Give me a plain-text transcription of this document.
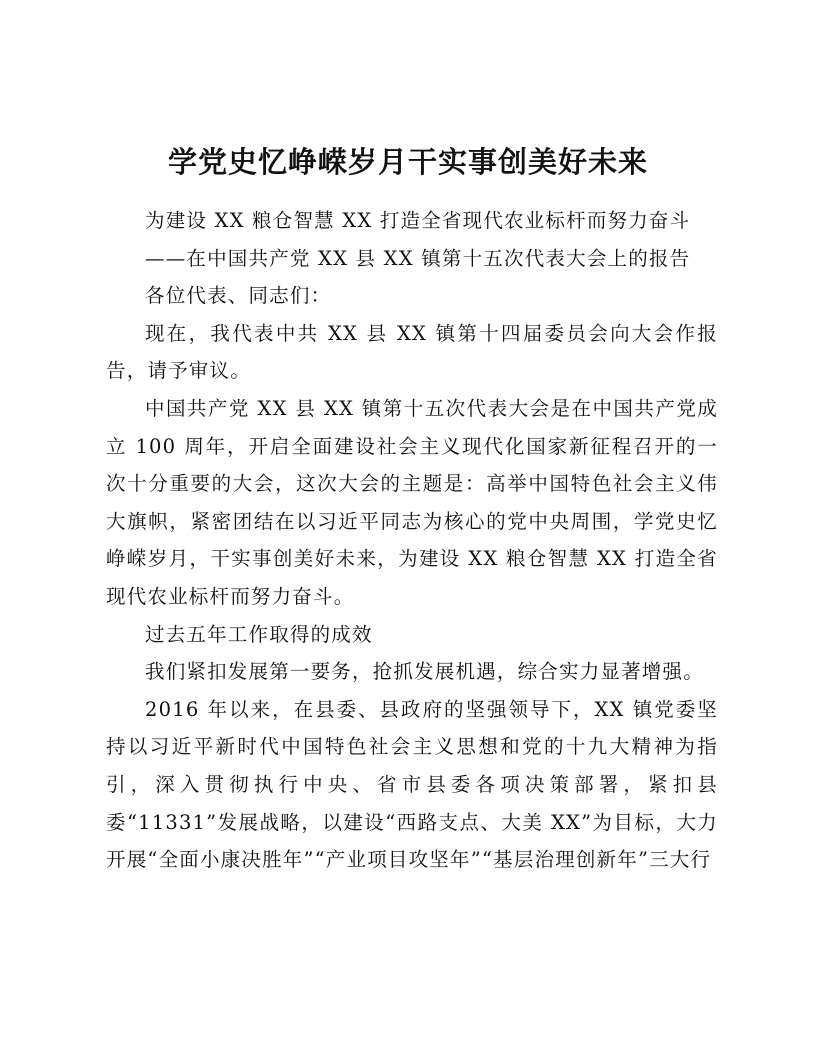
学党史忆峥嵘岁月干实事创美好未来

为建设 XX 粮仓智慧 XX 打造全省现代农业标杆而努力奋斗

——在中国共产党 XX 县 XX 镇第十五次代表大会上的报告

各位代表、同志们：

现在，我代表中共 XX 县 XX 镇第十四届委员会向大会作报告，请予审议。

中国共产党 XX 县 XX 镇第十五次代表大会是在中国共产党成立 100 周年，开启全面建设社会主义现代化国家新征程召开的一次十分重要的大会，这次大会的主题是：高举中国特色社会主义伟大旗帜，紧密团结在以习近平同志为核心的党中央周围，学党史忆峥嵘岁月，干实事创美好未来，为建设 XX 粮仓智慧 XX 打造全省现代农业标杆而努力奋斗。

过去五年工作取得的成效

我们紧扣发展第一要务，抢抓发展机遇，综合实力显著增强。

2016 年以来，在县委、县政府的坚强领导下，XX 镇党委坚持以习近平新时代中国特色社会主义思想和党的十九大精神为指引，深入贯彻执行中央、省市县委各项决策部署，紧扣县委“11331”发展战略，以建设“西路支点、大美 XX”为目标，大力开展“全面小康决胜年”“产业项目攻坚年”“基层治理创新年”三大行
